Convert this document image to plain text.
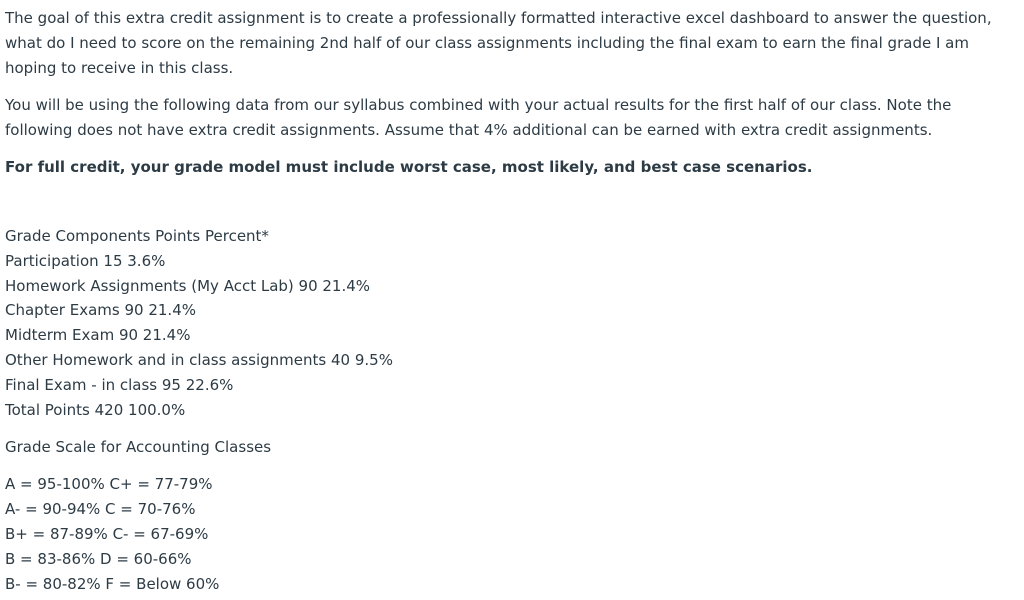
The goal of this extra credit assignment is to create a professionally formatted interactive excel dashboard to answer the question, what do I need to score on the remaining 2nd half of our class assignments including the final exam to earn the final grade I am hoping to receive in this class.

You will be using the following data from our syllabus combined with your actual results for the first half of our class. Note the following does not have extra credit assignments. Assume that 4% additional can be earned with extra credit assignments.

For full credit, your grade model must include worst case, most likely, and best case scenarios.

Grade Components Points Percent*
Participation 15 3.6%
Homework Assignments (My Acct Lab) 90 21.4%
Chapter Exams 90 21.4%
Midterm Exam 90 21.4%
Other Homework and in class assignments 40 9.5%
Final Exam - in class 95 22.6%
Total Points 420 100.0%
Grade Scale for Accounting Classes
A = 95-100% C+ = 77-79%
A- = 90-94% C = 70-76%
B+ = 87-89% C- = 67-69%
B = 83-86% D = 60-66%
B- = 80-82% F = Below 60%
